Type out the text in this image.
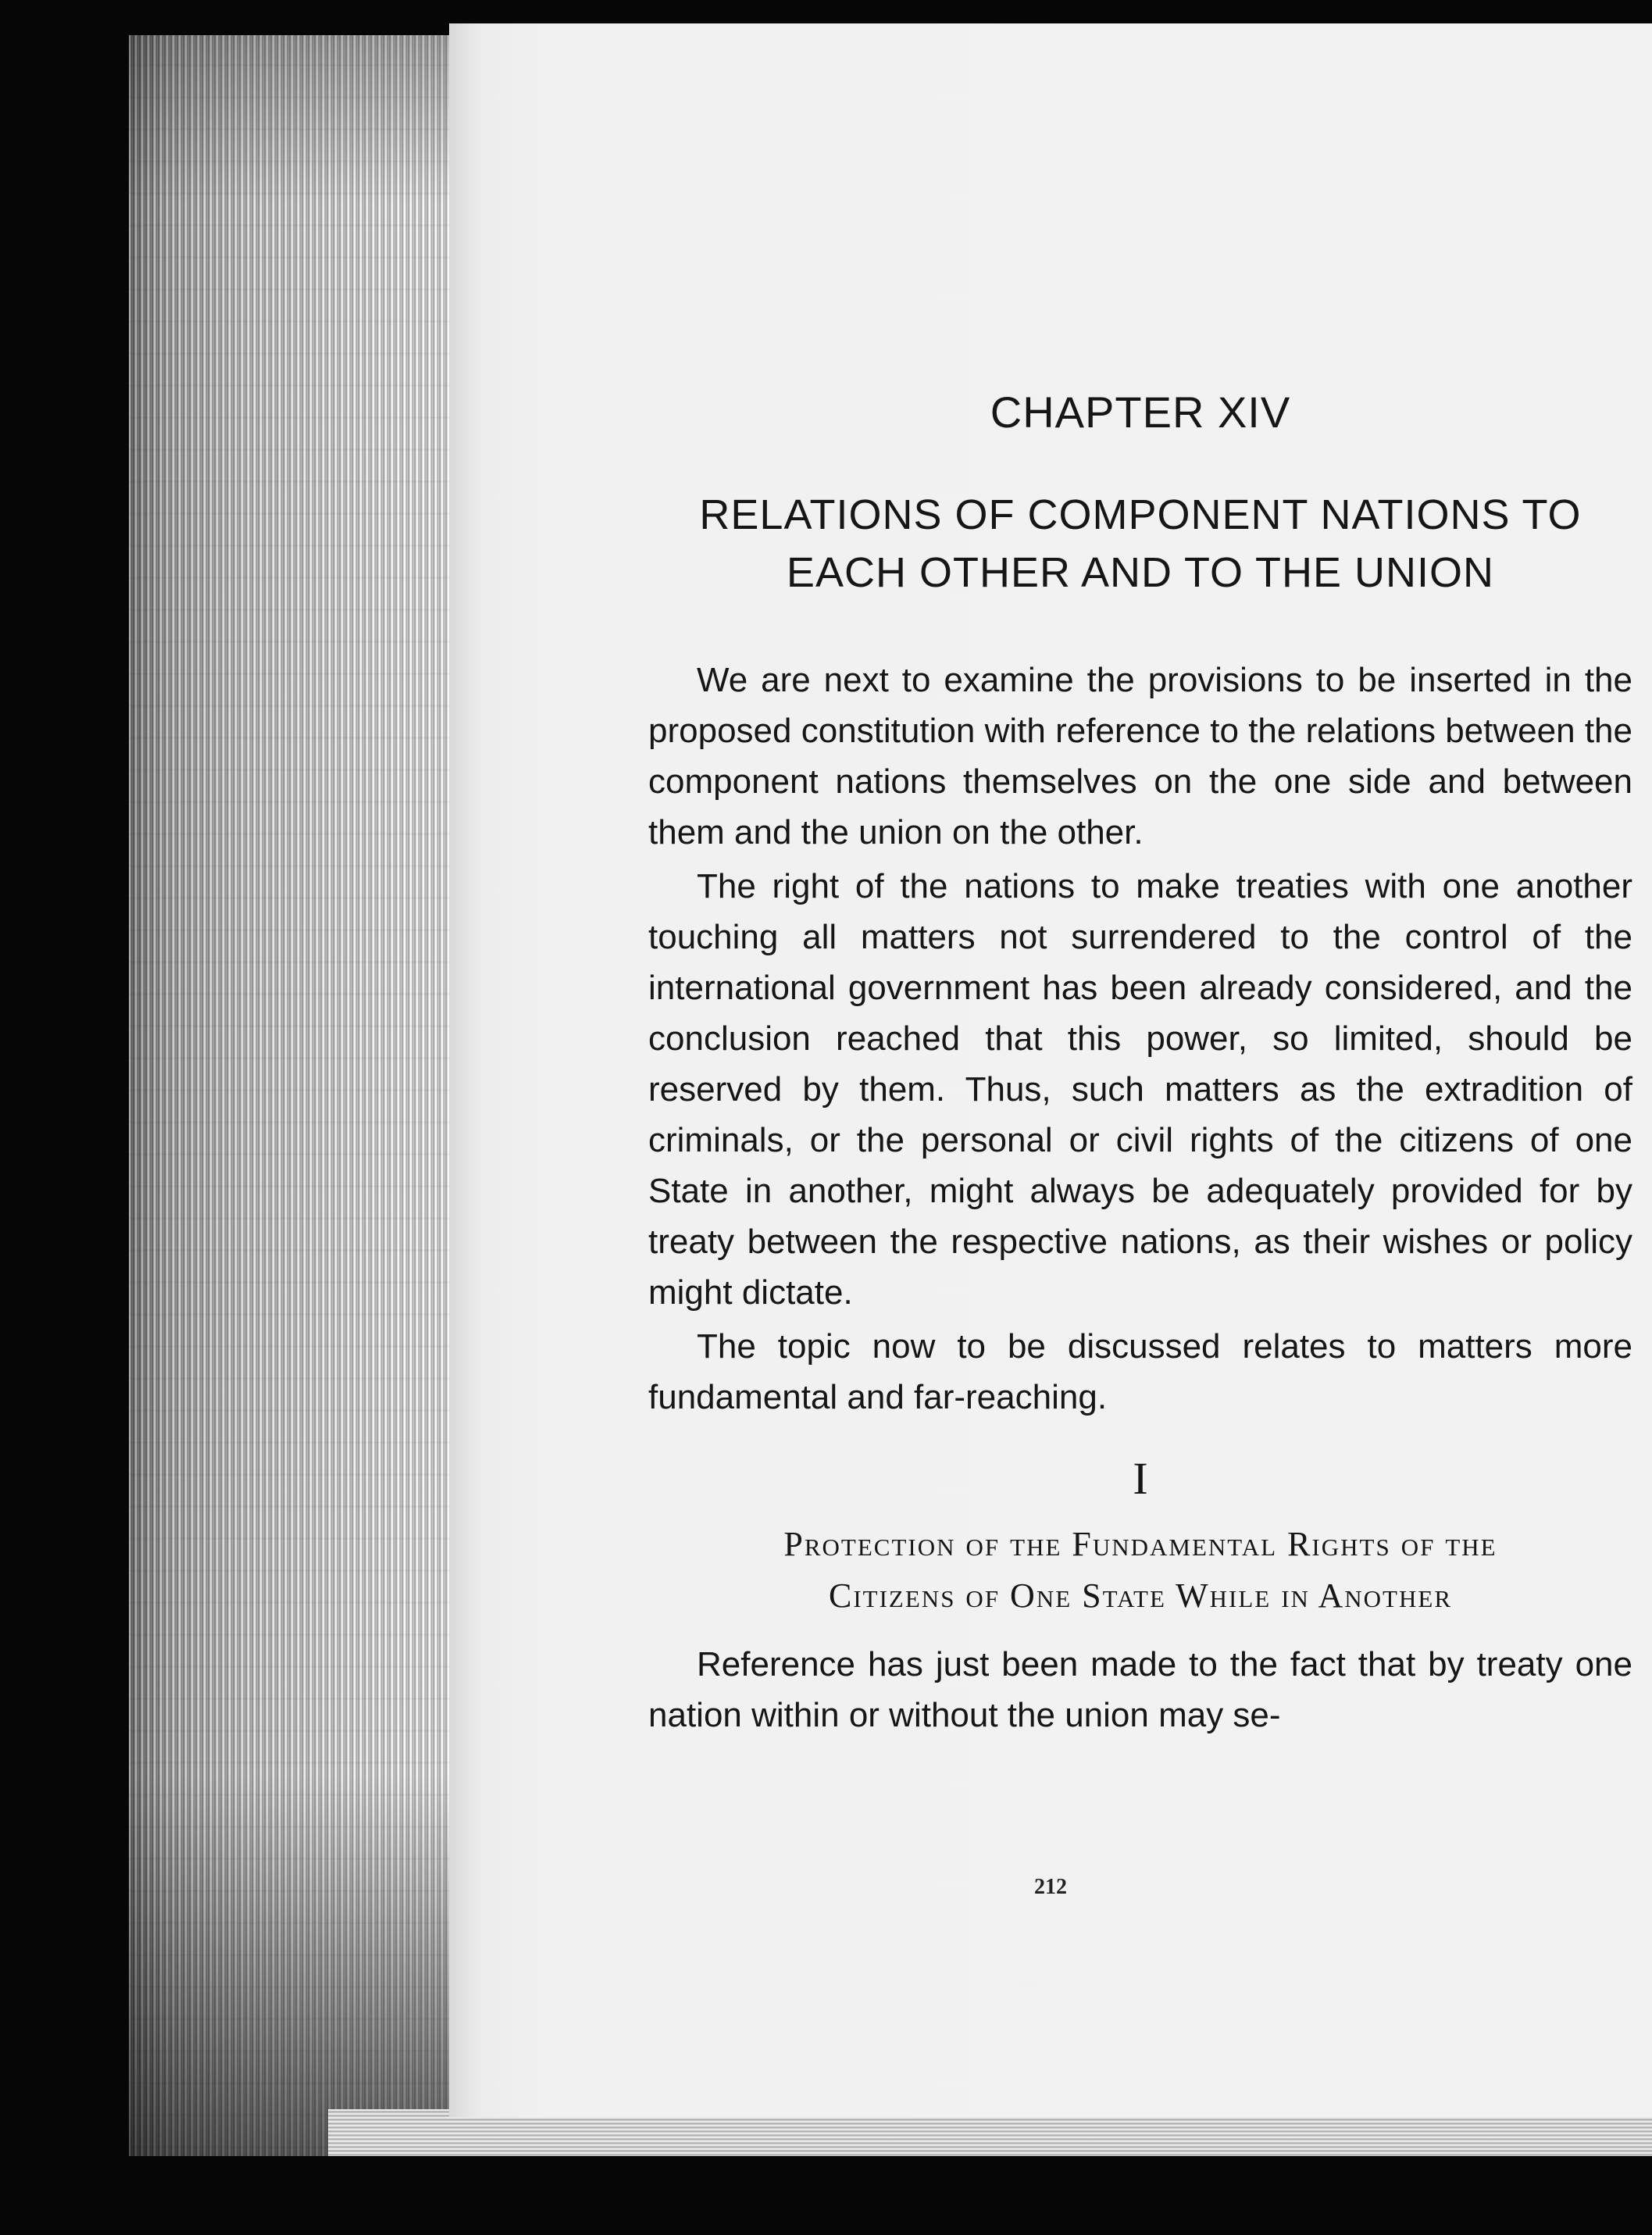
CHAPTER XIV
RELATIONS OF COMPONENT NATIONS TO
EACH OTHER AND TO THE UNION

We are next to examine the provisions to be inserted in the proposed constitution with reference to the relations between the component nations themselves on the one side and between them and the union on the other.

The right of the nations to make treaties with one another touching all matters not surrendered to the control of the international government has been already considered, and the conclusion reached that this power, so limited, should be reserved by them. Thus, such matters as the extradition of criminals, or the personal or civil rights of the citizens of one State in another, might always be adequately provided for by treaty between the respective nations, as their wishes or policy might dictate.

The topic now to be discussed relates to matters more fundamental and far-reaching.

I
Protection of the Fundamental Rights of the
Citizens of One State While in Another

Reference has just been made to the fact that by treaty one nation within or without the union may se-

212
